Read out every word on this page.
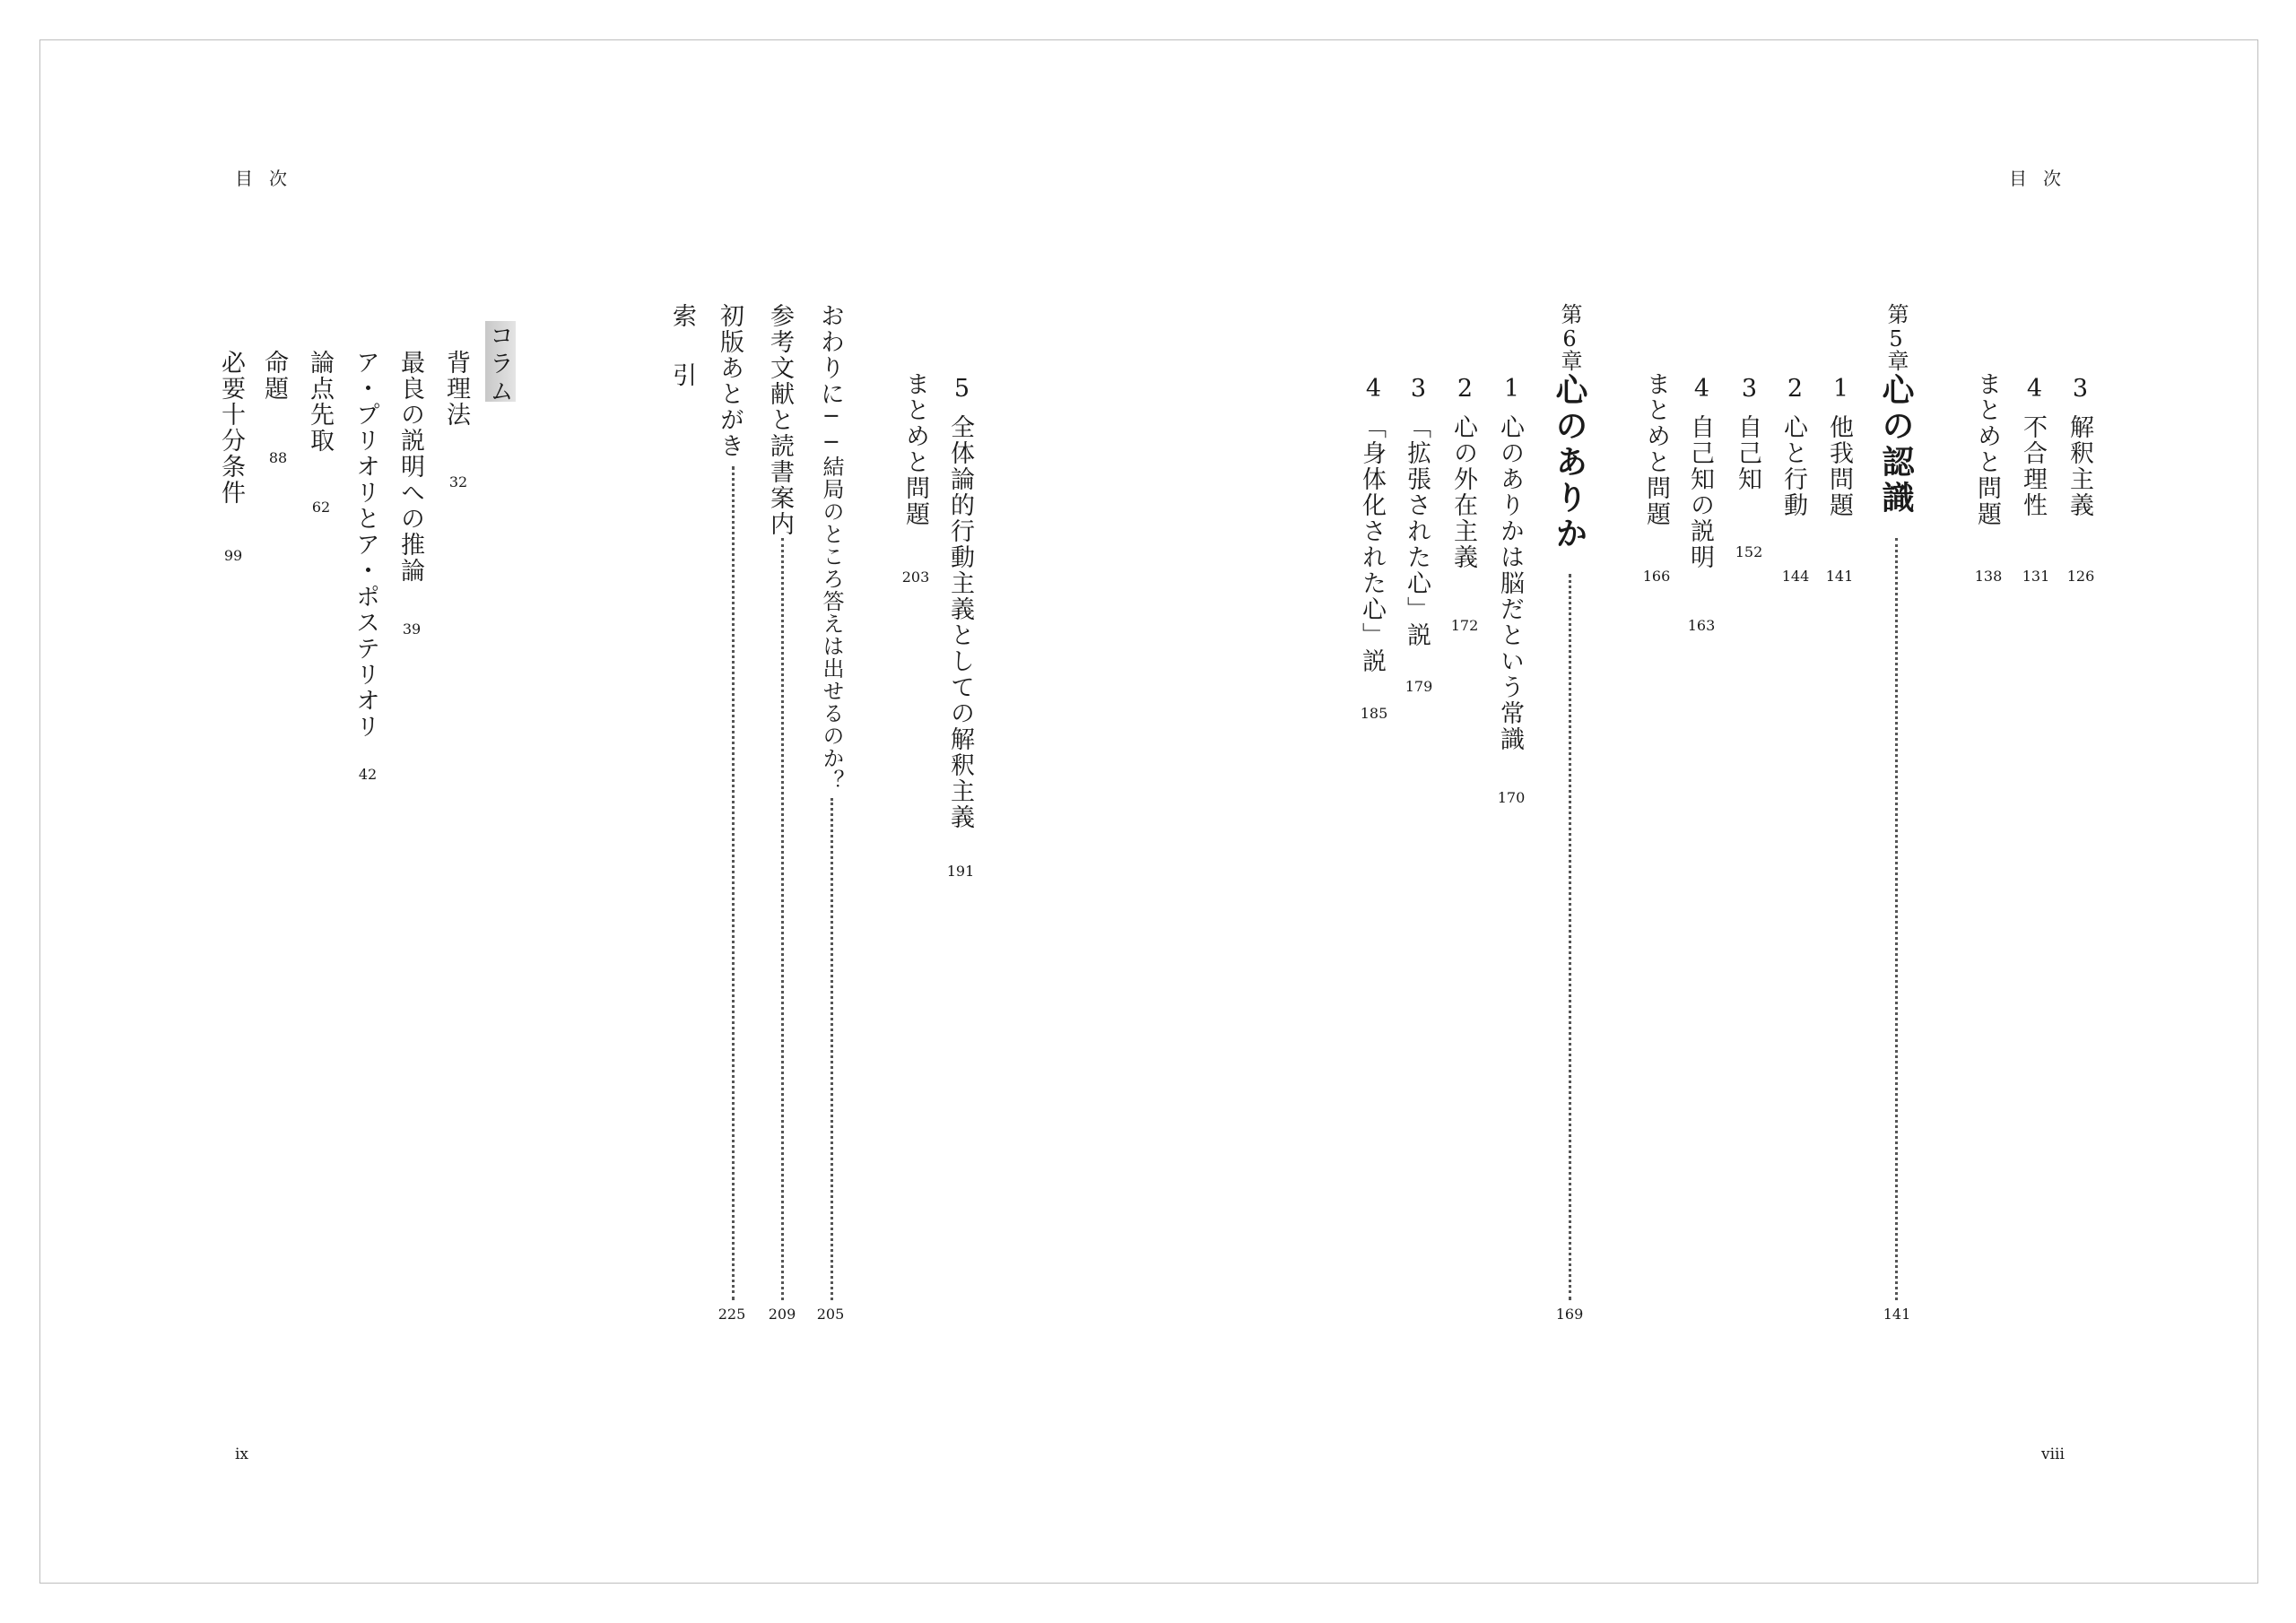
目次	目次
3
解釈主義
126
4
不合理性
131
まとめと問題
138
第
5
章
心の認識
141
1
他我問題
141
2
心と行動
144
3
自己知
152
4
自己知の説明
163
まとめと問題
166
第
6
章
心のありか
169
1
心のありかは脳だという常識
170
2
心の外在主義
172
3
「拡張された心」説
179
4
「身体化された心」説
185
5
全体論的行動主義としての解釈主義
191
まとめと問題
203
おわりに
──結局のところ答えは出せるのか？
205
参考文献と読書案内
209
初版あとがき
225
索　引
コラム
背理法
32
最良の説明への推論
39
ア・プリオリとア・ポステリオリ
42
論点先取
62
命題
88
必要十分条件
99
ix	viii
